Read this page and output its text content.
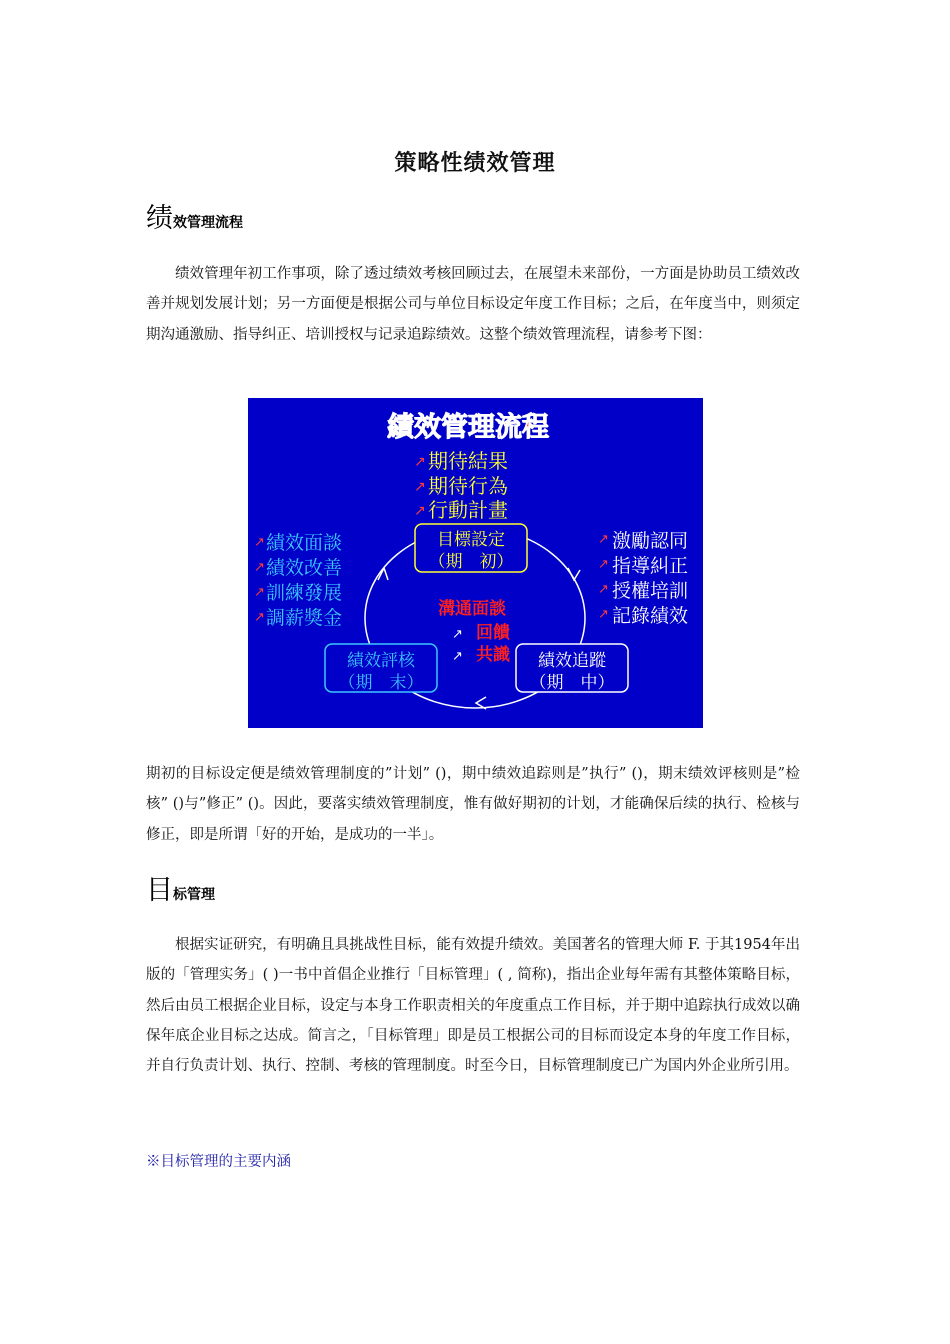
策略性绩效管理
绩效管理流程

绩效管理年初工作事项，除了透过绩效考核回顾过去，在展望未来部份，一方面是协助员工绩效改善并规划发展计划；另一方面便是根据公司与单位目标设定年度工作目标；之后，在年度当中，则须定期沟通激励、指导纠正、培训授权与记录追踪绩效。这整个绩效管理流程，请参考下图：

績效管理流程
↗ 期待結果
↗ 期待行為
↗ 行動計畫
目標設定
（期　初）
↗ 績效面談
↗ 績效改善
↗ 訓練發展
↗ 調薪獎金
↗ 激勵認同
↗ 指導糾正
↗ 授權培訓
↗ 記錄績效
溝通面談
↗ 回饋
↗ 共識 績效追蹤
（期　中）
績效評核
（期　末）

期初的目标设定便是绩效管理制度的”计划” ()，期中绩效追踪则是”执行” ()，期末绩效评核则是”检核” ()与”修正” ()。因此，要落实绩效管理制度，惟有做好期初的计划，才能确保后续的执行、检核与修正，即是所谓「好的开始，是成功的一半」。

目标管理

根据实证研究，有明确且具挑战性目标，能有效提升绩效。美国著名的管理大师 F. 于其1954年出版的「管理实务」( )一书中首倡企业推行「目标管理」( , 简称)，指出企业每年需有其整体策略目标，然后由员工根据企业目标，设定与本身工作职责相关的年度重点工作目标，并于期中追踪执行成效以确保年底企业目标之达成。简言之，「目标管理」即是员工根据公司的目标而设定本身的年度工作目标，并自行负责计划、执行、控制、考核的管理制度。时至今日，目标管理制度已广为国内外企业所引用。

※目标管理的主要内涵
